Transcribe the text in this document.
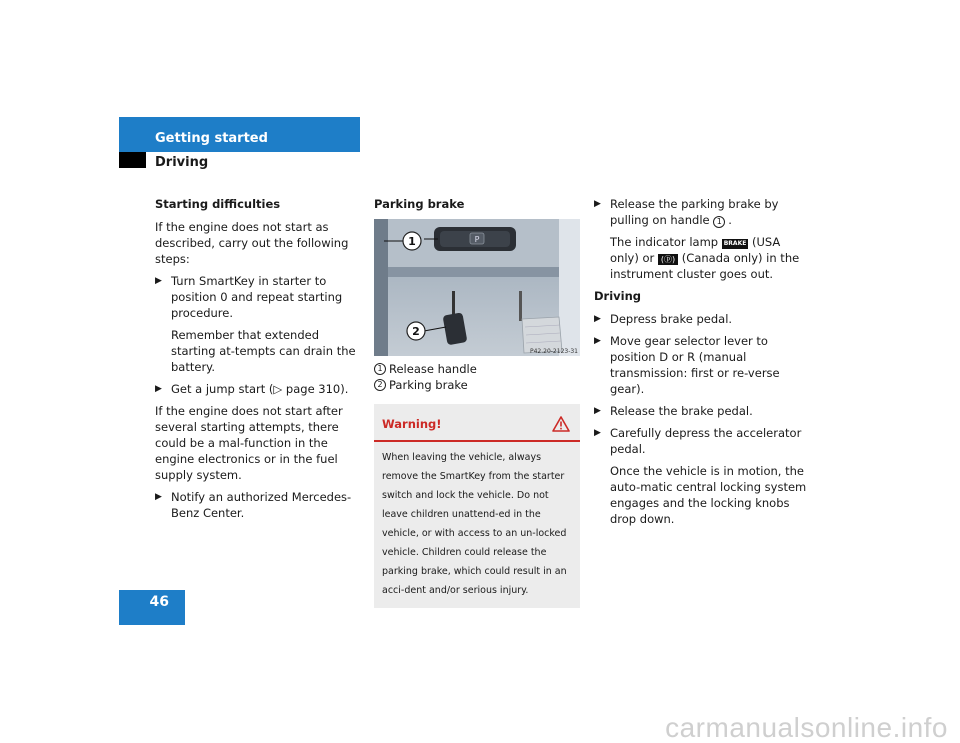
Getting started
Driving
Starting difficulties

If the engine does not start as described, carry out the following steps:

▶ Turn SmartKey in starter to position 0 and repeat starting procedure.
Remember that extended starting at-tempts can drain the battery.
▶ Get a jump start (▷ page 310).

If the engine does not start after several starting attempts, there could be a mal-function in the engine electronics or in the fuel supply system.

▶ Notify an authorized Mercedes-Benz Center.
Parking brake
P
1
2
P42.20-2123-31
1 Release handle
2 Parking brake
Warning!
When leaving the vehicle, always remove the SmartKey from the starter switch and lock the vehicle. Do not leave children unattend-ed in the vehicle, or with access to an un-locked vehicle. Children could release the parking brake, which could result in an acci-dent and/or serious injury.
▶ Release the parking brake by pulling on handle 1 .
The indicator lamp BRAKE (USA only) or (ⓟ) (Canada only) in the instrument cluster goes out.
Driving
▶ Depress brake pedal.
▶ Move gear selector lever to position D or R (manual transmission: first or re-verse gear).
▶ Release the brake pedal.
▶ Carefully depress the accelerator pedal.
Once the vehicle is in motion, the auto-matic central locking system engages and the locking knobs drop down.
46
carmanualsonline.info
